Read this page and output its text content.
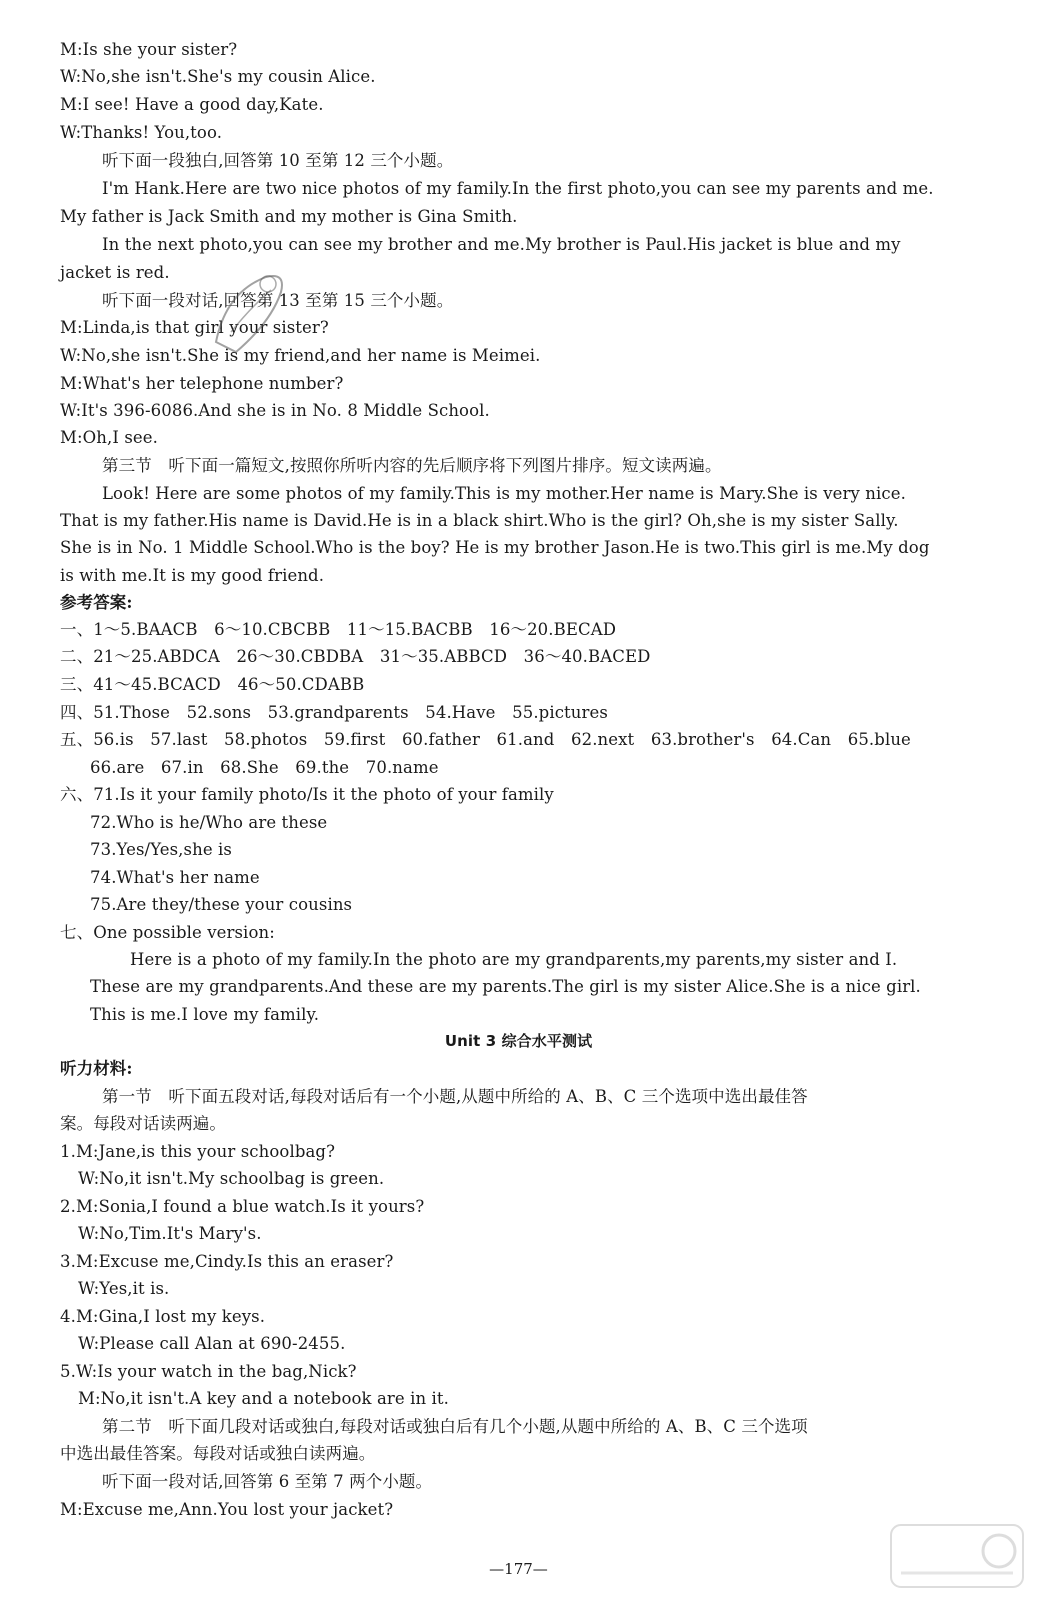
M:Is she your sister?
W:No,she isn't.She's my cousin Alice.
M:I see! Have a good day,Kate.
W:Thanks! You,too.
听下面一段独白,回答第 10 至第 12 三个小题。
I'm Hank.Here are two nice photos of my family.In the first photo,you can see my parents and me.
My father is Jack Smith and my mother is Gina Smith.
In the next photo,you can see my brother and me.My brother is Paul.His jacket is blue and my
jacket is red.
听下面一段对话,回答第 13 至第 15 三个小题。
M:Linda,is that girl your sister?
W:No,she isn't.She is my friend,and her name is Meimei.
M:What's her telephone number?
W:It's 396-6086.And she is in No. 8 Middle School.
M:Oh,I see.
第三节　听下面一篇短文,按照你所听内容的先后顺序将下列图片排序。短文读两遍。
Look! Here are some photos of my family.This is my mother.Her name is Mary.She is very nice.
That is my father.His name is David.He is in a black shirt.Who is the girl? Oh,she is my sister Sally.
She is in No. 1 Middle School.Who is the boy? He is my brother Jason.He is two.This girl is me.My dog
is with me.It is my good friend.
参考答案:
一、1～5.BAACB　6～10.CBCBB　11～15.BACBB　16～20.BECAD
二、21～25.ABDCA　26～30.CBDBA　31～35.ABBCD　36～40.BACED
三、41～45.BCACD　46～50.CDABB
四、51.Those　52.sons　53.grandparents　54.Have　55.pictures
五、56.is　57.last　58.photos　59.first　60.father　61.and　62.next　63.brother's　64.Can　65.blue
66.are　67.in　68.She　69.the　70.name
六、71.Is it your family photo/Is it the photo of your family
72.Who is he/Who are these
73.Yes/Yes,she is
74.What's her name
75.Are they/these your cousins
七、One possible version:
Here is a photo of my family.In the photo are my grandparents,my parents,my sister and I.
These are my grandparents.And these are my parents.The girl is my sister Alice.She is a nice girl.
This is me.I love my family.
Unit 3 综合水平测试
听力材料:
第一节　听下面五段对话,每段对话后有一个小题,从题中所给的 A、B、C 三个选项中选出最佳答
案。每段对话读两遍。
1.M:Jane,is this your schoolbag?
W:No,it isn't.My schoolbag is green.
2.M:Sonia,I found a blue watch.Is it yours?
W:No,Tim.It's Mary's.
3.M:Excuse me,Cindy.Is this an eraser?
W:Yes,it is.
4.M:Gina,I lost my keys.
W:Please call Alan at 690-2455.
5.W:Is your watch in the bag,Nick?
M:No,it isn't.A key and a notebook are in it.
第二节　听下面几段对话或独白,每段对话或独白后有几个小题,从题中所给的 A、B、C 三个选项
中选出最佳答案。每段对话或独白读两遍。
听下面一段对话,回答第 6 至第 7 两个小题。
M:Excuse me,Ann.You lost your jacket?
—177—
